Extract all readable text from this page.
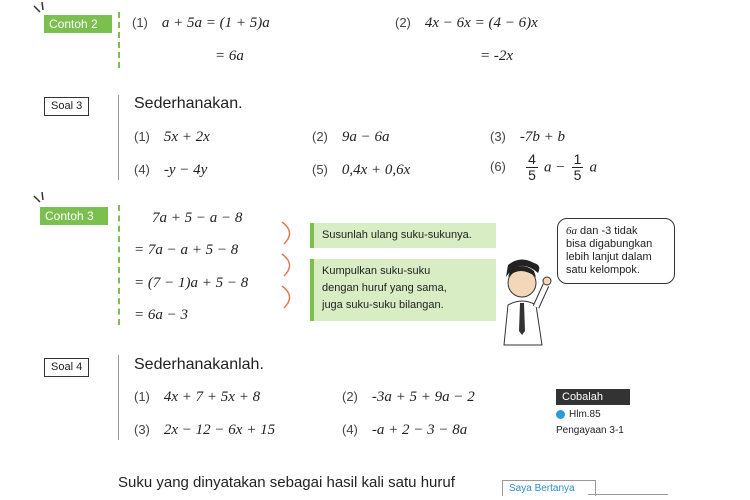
Contoh 2	(1) a + 5a = (1 + 5)a
= 6a
(2) 4x − 6x = (4 − 6)x
= -2x
Soal 3	Sederhanakan.
(1) 5x + 2x	(2) 9a − 6a	(3) -7b + b
(4) -y − 4y	(5) 0,4x + 0,6x	$(6) \frac{4}{5}$ $a - \frac{1}{5}$ a
Contoh 3	7a + 5 − a − 8
= 7a − a + 5 − 8
= (7 − 1)a + 5 − 8
= 6a − 3
Susunlah ulang suku-sukunya.
Kumpulkan suku-suku
dengan huruf yang sama,
juga suku-suku bilangan.
6a dan -3 tidak
bisa digabungkan
lebih lanjut dalam
satu kelompok.
Soal 4	Sederhanakanlah.
(1) 4x + 7 + 5x + 8	(2) -3a + 5 + 9a − 2
(3) 2x − 12 − 6x + 15	(4) -a + 2 − 3 − 8a
Cobalah
Hlm.85
Pengayaan 3-1
Suku yang dinyatakan sebagai hasil kali satu huruf	Saya Bertanya
